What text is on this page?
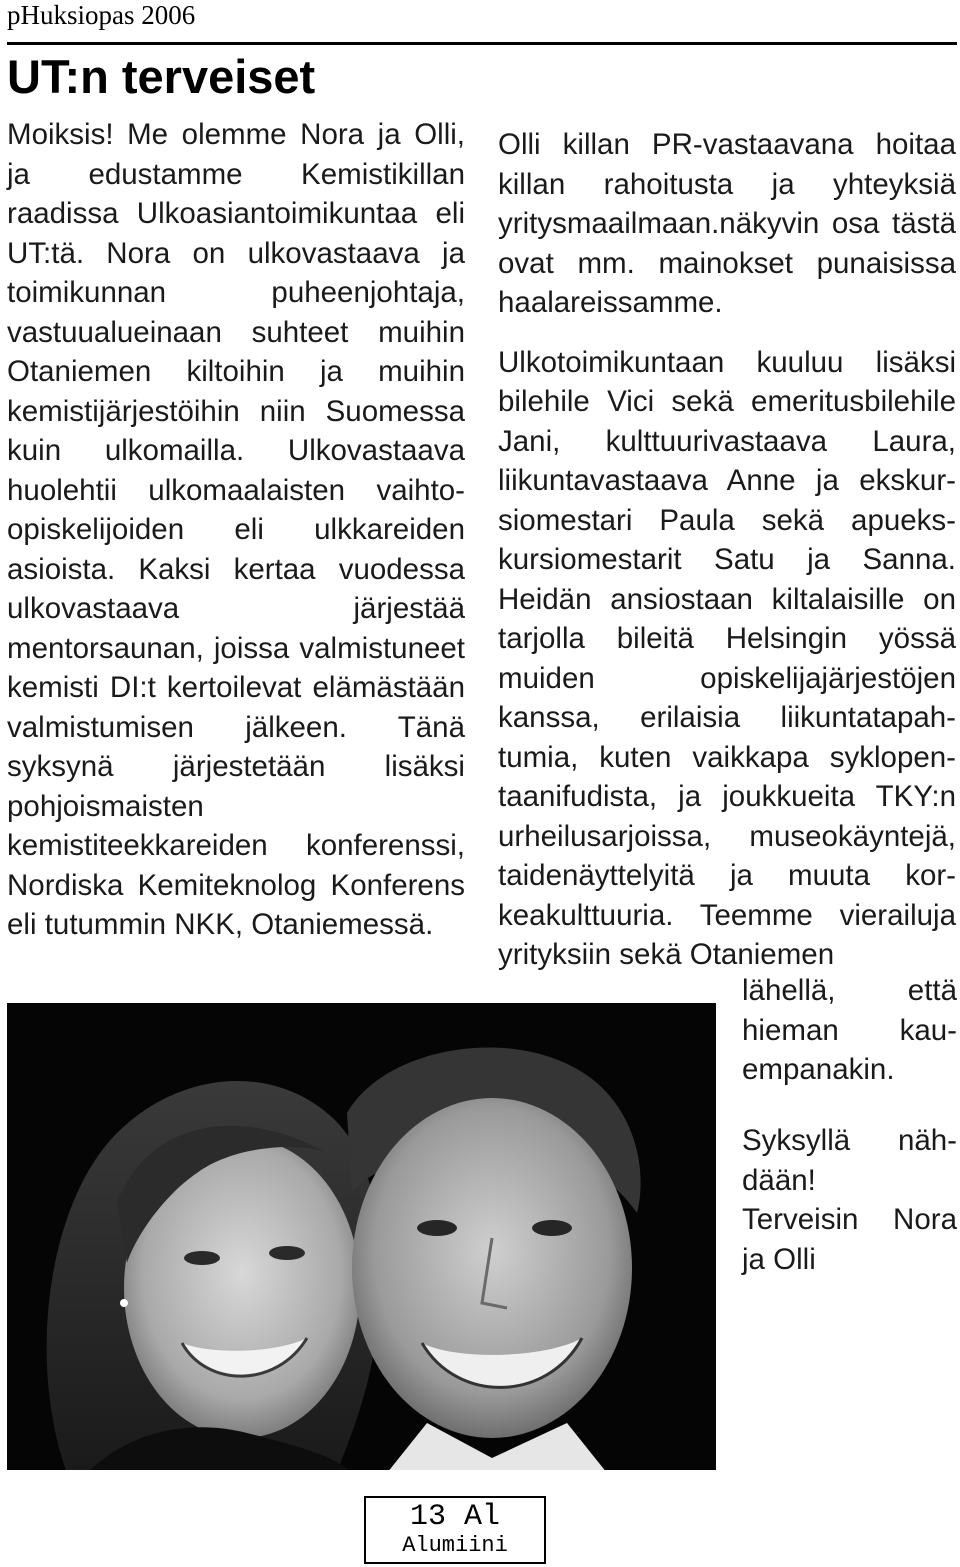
pHuksiopas 2006
UT:n terveiset

Moiksis! Me olemme Nora ja Olli, ja edustamme Kemistikillan raadissa Ulkoasiantoimikuntaa eli UT:tä. Nora on ulkovastaava ja toimikunnan puheenjohtaja, vastuualueinaan suhteet muihin Otaniemen kiltoihin ja muihin kemistijärjestöihin niin Suomessa kuin ulkomailla. Ulkovastaava huolehtii ulkomaalaisten vaihto-opiskelijoiden eli ulkkareiden asioista. Kaksi kertaa vuodessa ulkovastaava järjestää mentorsaunan, joissa valmistuneet kemisti DI:t kertoilevat elämästään valmistumisen jälkeen. Tänä syksynä järjestetään lisäksi pohjoismaisten kemistiteekkareiden konferenssi, Nordiska Kemiteknolog Konferens eli tutummin NKK, Otaniemessä.

Olli killan PR-vastaavana hoitaa killan rahoitusta ja yhteyksiä yritysmaailmaan.näkyvin osa tästä ovat mm. mainokset punaisissa haalareissamme.

Ulkotoimikuntaan kuuluu lisäksi bilehile Vici sekä emeritusbilehile Jani, kulttuurivastaava Laura, liikuntavastaava Anne ja ekskursiomestari Paula sekä apuekskursiomestarit Satu ja Sanna. Heidän ansiostaan kiltalaisille on tarjolla bileitä Helsingin yössä muiden opiskelijajärjestöjen kanssa, erilaisia liikuntatapahtumia, kuten vaikkapa syklopentaanifudista, ja joukkueita TKY:n urheilusarjoissa, museokäyntejä, taidenäyttelyitä ja muuta korkeakulttuuria. Teemme vierailuja yrityksiin sekä Otaniemen

lähellä, että hieman kauempanakin.

Syksyllä nähdään!

Terveisin Nora ja Olli

13 Al
Alumiini
